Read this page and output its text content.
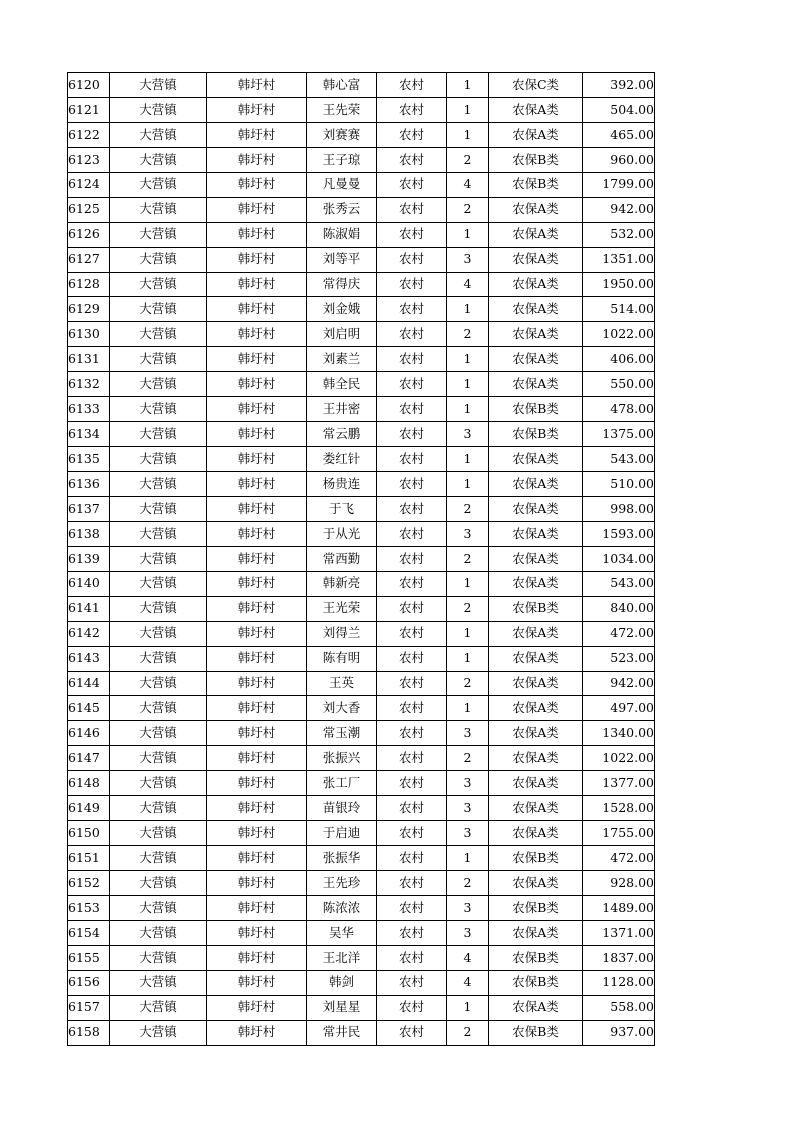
6120	大营镇	韩圩村	韩心富	农村	1	农保C类	392.00
6121	大营镇	韩圩村	王先荣	农村	1	农保A类	504.00
6122	大营镇	韩圩村	刘赛赛	农村	1	农保A类	465.00
6123	大营镇	韩圩村	王子琼	农村	2	农保B类	960.00
6124	大营镇	韩圩村	凡曼曼	农村	4	农保B类	1799.00
6125	大营镇	韩圩村	张秀云	农村	2	农保A类	942.00
6126	大营镇	韩圩村	陈淑娟	农村	1	农保A类	532.00
6127	大营镇	韩圩村	刘等平	农村	3	农保A类	1351.00
6128	大营镇	韩圩村	常得庆	农村	4	农保A类	1950.00
6129	大营镇	韩圩村	刘金娥	农村	1	农保A类	514.00
6130	大营镇	韩圩村	刘启明	农村	2	农保A类	1022.00
6131	大营镇	韩圩村	刘素兰	农村	1	农保A类	406.00
6132	大营镇	韩圩村	韩全民	农村	1	农保A类	550.00
6133	大营镇	韩圩村	王井密	农村	1	农保B类	478.00
6134	大营镇	韩圩村	常云鹏	农村	3	农保B类	1375.00
6135	大营镇	韩圩村	娄红针	农村	1	农保A类	543.00
6136	大营镇	韩圩村	杨贵连	农村	1	农保A类	510.00
6137	大营镇	韩圩村	于飞	农村	2	农保A类	998.00
6138	大营镇	韩圩村	于从光	农村	3	农保A类	1593.00
6139	大营镇	韩圩村	常西勤	农村	2	农保A类	1034.00
6140	大营镇	韩圩村	韩新亮	农村	1	农保A类	543.00
6141	大营镇	韩圩村	王光荣	农村	2	农保B类	840.00
6142	大营镇	韩圩村	刘得兰	农村	1	农保A类	472.00
6143	大营镇	韩圩村	陈有明	农村	1	农保A类	523.00
6144	大营镇	韩圩村	王英	农村	2	农保A类	942.00
6145	大营镇	韩圩村	刘大香	农村	1	农保A类	497.00
6146	大营镇	韩圩村	常玉潮	农村	3	农保A类	1340.00
6147	大营镇	韩圩村	张振兴	农村	2	农保A类	1022.00
6148	大营镇	韩圩村	张工厂	农村	3	农保A类	1377.00
6149	大营镇	韩圩村	苗银玲	农村	3	农保A类	1528.00
6150	大营镇	韩圩村	于启迪	农村	3	农保A类	1755.00
6151	大营镇	韩圩村	张振华	农村	1	农保B类	472.00
6152	大营镇	韩圩村	王先珍	农村	2	农保A类	928.00
6153	大营镇	韩圩村	陈浓浓	农村	3	农保B类	1489.00
6154	大营镇	韩圩村	吴华	农村	3	农保A类	1371.00
6155	大营镇	韩圩村	王北洋	农村	4	农保B类	1837.00
6156	大营镇	韩圩村	韩剑	农村	4	农保B类	1128.00
6157	大营镇	韩圩村	刘星星	农村	1	农保A类	558.00
6158	大营镇	韩圩村	常井民	农村	2	农保B类	937.00
